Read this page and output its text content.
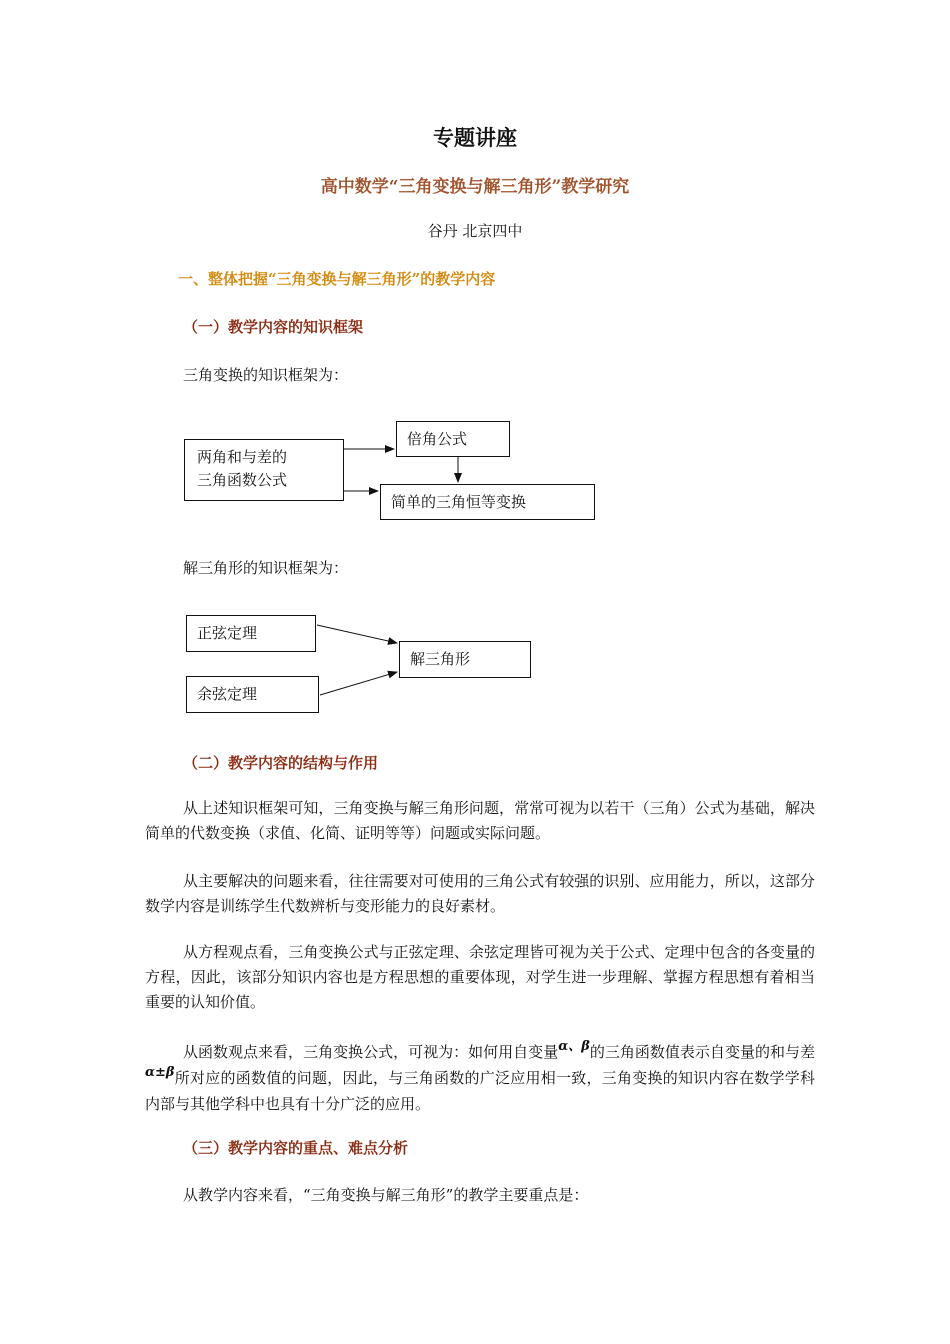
专题讲座
高中数学“三角变换与解三角形”教学研究
谷丹 北京四中
一、整体把握“三角变换与解三角形”的教学内容
（一）教学内容的知识框架
三角变换的知识框架为：
两角和与差的
三角函数公式
倍角公式
简单的三角恒等变换
解三角形的知识框架为：
正弦定理
余弦定理
解三角形
（二）教学内容的结构与作用
从上述知识框架可知，三角变换与解三角形问题，常常可视为以若干（三角）公式为基础，解决简单的代数变换（求值、化简、证明等等）问题或实际问题。
从主要解决的问题来看，往往需要对可使用的三角公式有较强的识别、应用能力，所以，这部分数学内容是训练学生代数辨析与变形能力的良好素材。
从方程观点看，三角变换公式与正弦定理、余弦定理皆可视为关于公式、定理中包含的各变量的方程，因此，该部分知识内容也是方程思想的重要体现，对学生进一步理解、掌握方程思想有着相当重要的认知价值。
从函数观点来看，三角变换公式，可视为：如何用自变量α、β的三角函数值表示自变量的和与差α±β所对应的函数值的问题，因此，与三角函数的广泛应用相一致，三角变换的知识内容在数学学科内部与其他学科中也具有十分广泛的应用。
（三）教学内容的重点、难点分析
从教学内容来看，“三角变换与解三角形”的教学主要重点是：
